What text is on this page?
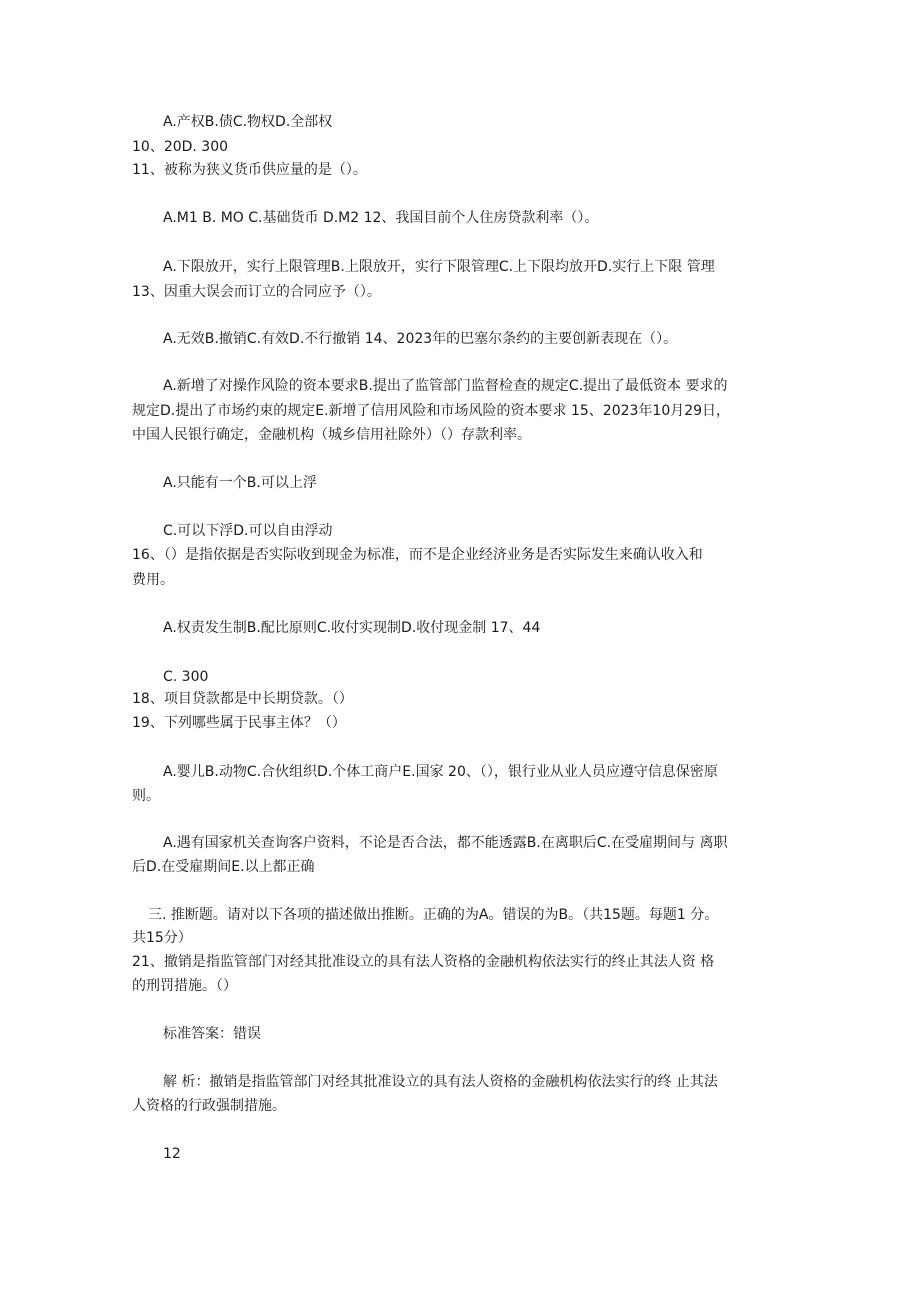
A.产权B.债C.物权D.全部权
10、20D. 300
11、被称为狭义货币供应量的是（）。
A.M1 B. MO C.基础货币 D.M2 12、我国目前个人住房贷款利率（）。
A.下限放开，实行上限管理B.上限放开，实行下限管理C.上下限均放开D.实行上下限 管理
13、因重大误会而订立的合同应予（）。
A.无效B.撤销C.有效D.不行撤销 14、2023年的巴塞尔条约的主要创新表现在（）。
A.新增了对操作风险的资本要求B.提出了监管部门监督检查的规定C.提出了最低资本 要求的
规定D.提出了市场约束的规定E.新增了信用风险和市场风险的资本要求 15、2023年10月29日，
中国人民银行确定，金融机构（城乡信用社除外）（）存款利率。
A.只能有一个B.可以上浮
C.可以下浮D.可以自由浮动
16、（）是指依据是否实际收到现金为标准，而不是企业经济业务是否实际发生来确认收入和
费用。
A.权责发生制B.配比原则C.收付实现制D.收付现金制 17、44
C. 300
18、项目贷款都是中长期贷款。（）
19、下列哪些属于民事主体？（）
A.婴儿B.动物C.合伙组织D.个体工商户E.国家 20、（），银行业从业人员应遵守信息保密原
则。
A.遇有国家机关查询客户资料，不论是否合法，都不能透露B.在离职后C.在受雇期间与 离职
后D.在受雇期间E.以上都正确
三. 推断题。请对以下各项的描述做出推断。正确的为A。错误的为B。（共15题。每题1 分。
共15分）
21、撤销是指监管部门对经其批准设立的具有法人资格的金融机构依法实行的终止其法人资 格
的刑罚措施。（）
标准答案：错误
解 析：撤销是指监管部门对经其批准设立的具有法人资格的金融机构依法实行的终 止其法
人资格的行政强制措施。
12
